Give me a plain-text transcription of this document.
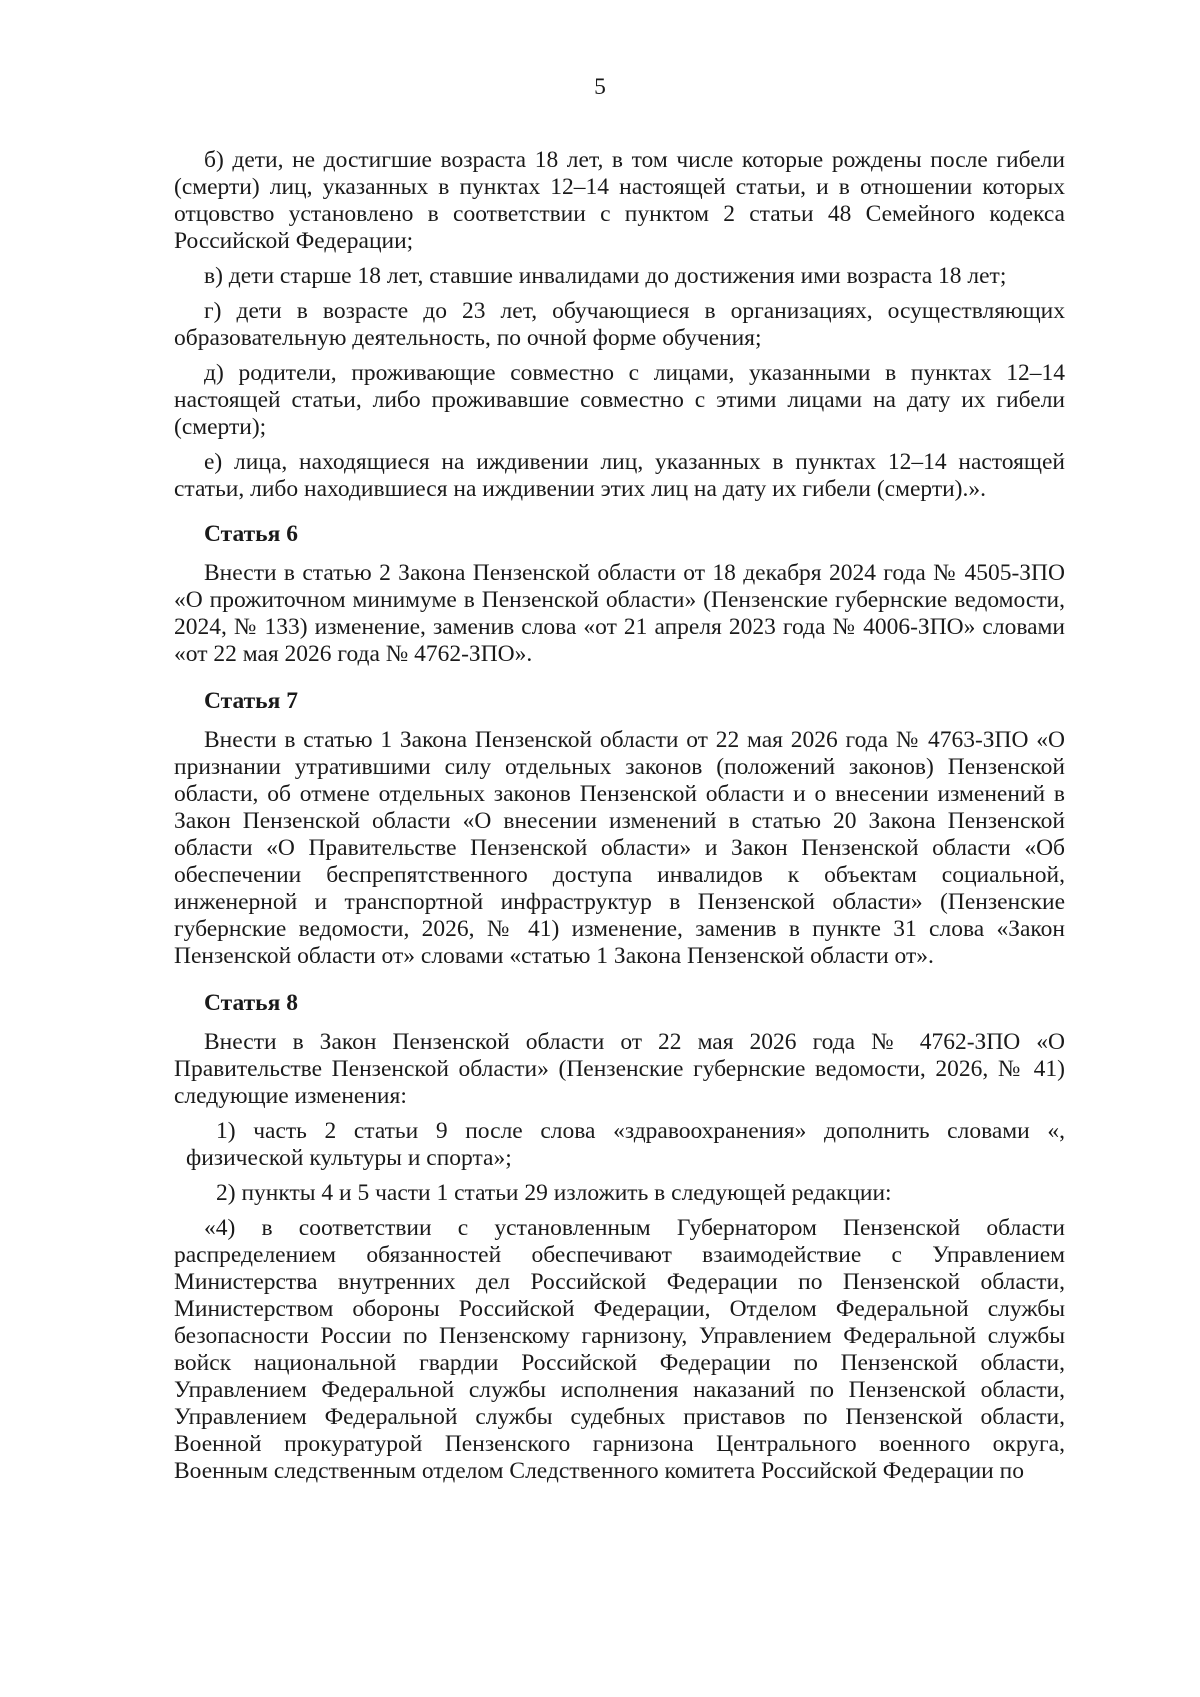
5

б) дети, не достигшие возраста 18 лет, в том числе которые рождены после гибели (смерти) лиц, указанных в пунктах 12–14 настоящей статьи, и в отношении которых отцовство установлено в соответствии с пунктом 2 статьи 48 Семейного кодекса Российской Федерации;

в) дети старше 18 лет, ставшие инвалидами до достижения ими возраста 18 лет;

г) дети в возрасте до 23 лет, обучающиеся в организациях, осуществляющих образовательную деятельность, по очной форме обучения;

д) родители, проживающие совместно с лицами, указанными в пунктах 12–14 настоящей статьи, либо проживавшие совместно с этими лицами на дату их гибели (смерти);

е) лица, находящиеся на иждивении лиц, указанных в пунктах 12–14 настоящей статьи, либо находившиеся на иждивении этих лиц на дату их гибели (смерти).».

Статья 6

Внести в статью 2 Закона Пензенской области от 18 декабря 2024 года № 4505-ЗПО «О прожиточном минимуме в Пензенской области» (Пензенские губернские ведомости, 2024, № 133) изменение, заменив слова «от 21 апреля 2023 года № 4006-ЗПО» словами «от 22 мая 2026 года № 4762-ЗПО».

Статья 7

Внести в статью 1 Закона Пензенской области от 22 мая 2026 года № 4763-ЗПО «О признании утратившими силу отдельных законов (положений законов) Пензенской области, об отмене отдельных законов Пензенской области и о внесении изменений в Закон Пензенской области «О внесении изменений в статью 20 Закона Пензенской области «О Правительстве Пензенской области» и Закон Пензенской области «Об обеспечении беспрепятственного доступа инвалидов к объектам социальной, инженерной и транспортной инфраструктур в Пензенской области» (Пензенские губернские ведомости, 2026, № 41) изменение, заменив в пункте 31 слова «Закон Пензенской области от» словами «статью 1 Закона Пензенской области от».

Статья 8

Внести в Закон Пензенской области от 22 мая 2026 года № 4762-ЗПО «О Правительстве Пензенской области» (Пензенские губернские ведомости, 2026, № 41) следующие изменения:

1) часть 2 статьи 9 после слова «здравоохранения» дополнить словами «, физической культуры и спорта»;

2) пункты 4 и 5 части 1 статьи 29 изложить в следующей редакции:

«4) в соответствии с установленным Губернатором Пензенской области распределением обязанностей обеспечивают взаимодействие с Управлением Министерства внутренних дел Российской Федерации по Пензенской области, Министерством обороны Российской Федерации, Отделом Федеральной службы безопасности России по Пензенскому гарнизону, Управлением Федеральной службы войск национальной гвардии Российской Федерации по Пензенской области, Управлением Федеральной службы исполнения наказаний по Пензенской области, Управлением Федеральной службы судебных приставов по Пензенской области, Военной прокуратурой Пензенского гарнизона Центрального военного округа, Военным следственным отделом Следственного комитета Российской Федерации по
